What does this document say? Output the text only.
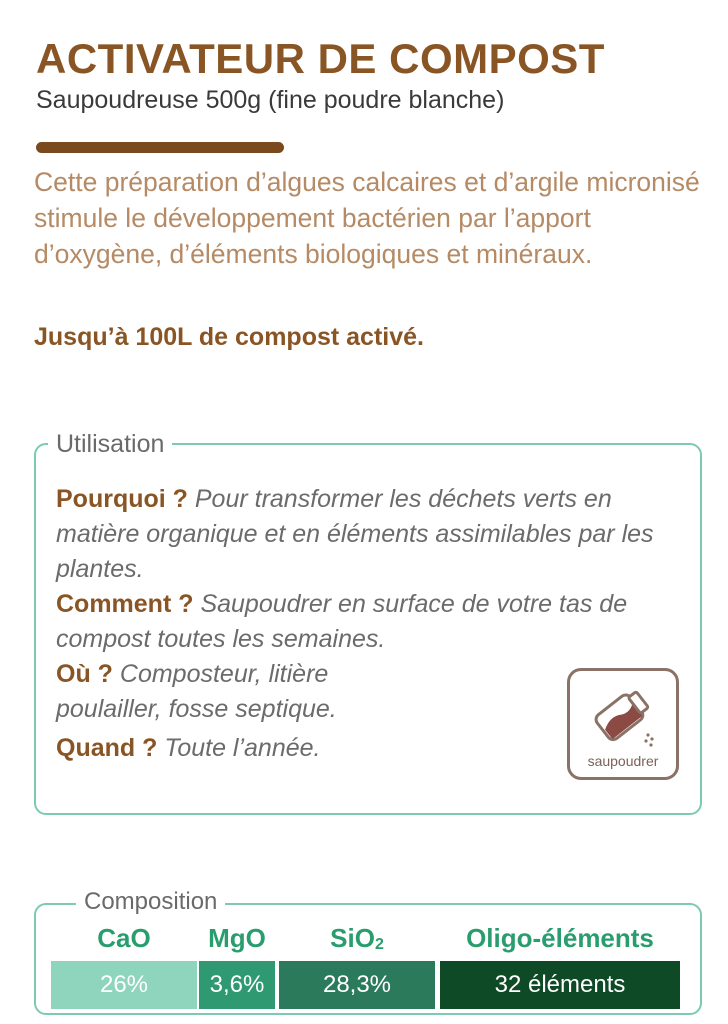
ACTIVATEUR DE COMPOST
Saupoudreuse 500g (fine poudre blanche)
Cette préparation d’algues calcaires et d’argile micronisé stimule le développement bactérien par l’apport d’oxygène, d’éléments biologiques et minéraux.
Jusqu’à 100L de compost activé.
Utilisation

Pourquoi ? Pour transformer les déchets verts en matière organique et en éléments assimilables par les plantes.

Comment ? Saupoudrer en surface de votre tas de compost toutes les semaines.

Où ? Composteur, litière
poulailler, fosse septique.

Quand ? Toute l’année.	saupoudrer
Composition
CaO	MgO	SiO$_2$	Oligo-éléments
26%	3,6%	28,3%	32 éléments
